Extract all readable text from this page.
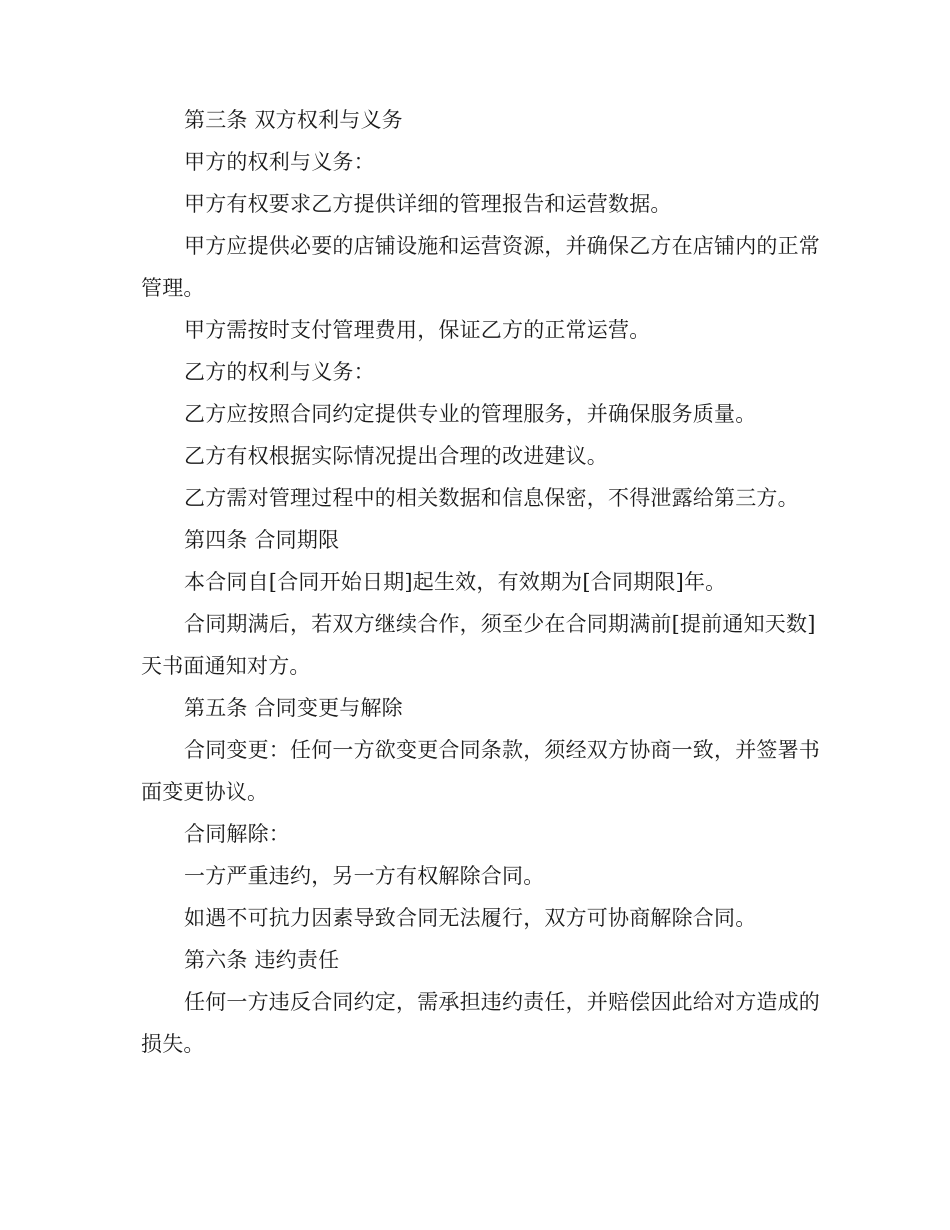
第三条 双方权利与义务

甲方的权利与义务：

甲方有权要求乙方提供详细的管理报告和运营数据。

甲方应提供必要的店铺设施和运营资源，并确保乙方在店铺内的正常管理。

甲方需按时支付管理费用，保证乙方的正常运营。

乙方的权利与义务：

乙方应按照合同约定提供专业的管理服务，并确保服务质量。

乙方有权根据实际情况提出合理的改进建议。

乙方需对管理过程中的相关数据和信息保密，不得泄露给第三方。

第四条 合同期限

本合同自[合同开始日期]起生效，有效期为[合同期限]年。

合同期满后，若双方继续合作，须至少在合同期满前[提前通知天数]天书面通知对方。

第五条 合同变更与解除

合同变更：任何一方欲变更合同条款，须经双方协商一致，并签署书面变更协议。

合同解除：

一方严重违约，另一方有权解除合同。

如遇不可抗力因素导致合同无法履行，双方可协商解除合同。

第六条 违约责任

任何一方违反合同约定，需承担违约责任，并赔偿因此给对方造成的损失。
